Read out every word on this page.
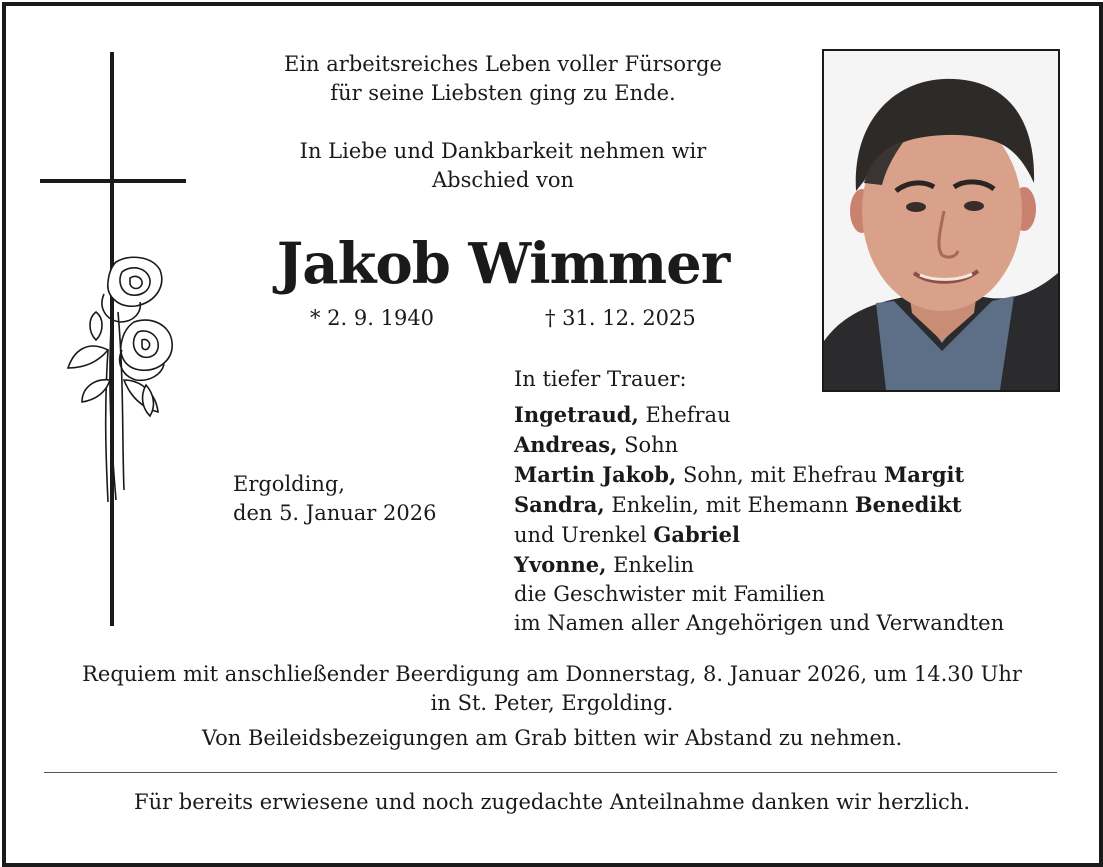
Ein arbeitsreiches Leben voller Fürsorge
für seine Liebsten ging zu Ende.
In Liebe und Dankbarkeit nehmen wir
Abschied von
Jakob Wimmer
* 2. 9. 1940	† 31. 12. 2025
Ergolding,
den 5. Januar 2026
In tiefer Trauer:
Ingetraud, Ehefrau
Andreas, Sohn
Martin Jakob, Sohn, mit Ehefrau Margit
Sandra, Enkelin, mit Ehemann Benedikt
und Urenkel Gabriel
Yvonne, Enkelin
die Geschwister mit Familien
im Namen aller Angehörigen und Verwandten
Requiem mit anschließender Beerdigung am Donnerstag, 8. Januar 2026, um 14.30 Uhr
in St. Peter, Ergolding.
Von Beileidsbezeigungen am Grab bitten wir Abstand zu nehmen.
Für bereits erwiesene und noch zugedachte Anteilnahme danken wir herzlich.
